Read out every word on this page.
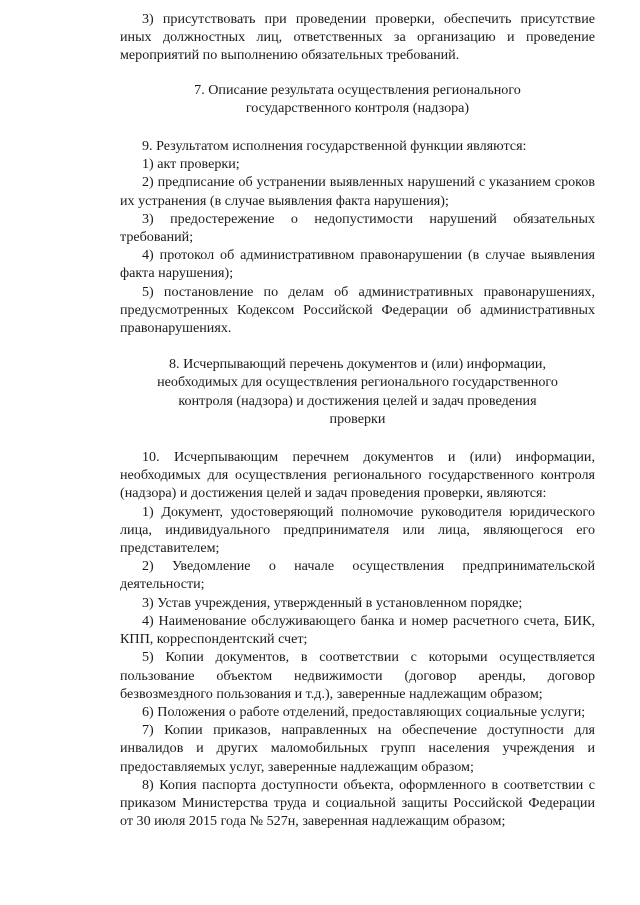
3) присутствовать при проведении проверки, обеспечить присутствие иных должностных лиц, ответственных за организацию и проведение мероприятий по выполнению обязательных требований.

7. Описание результата осуществления регионального государственного контроля (надзора)

9. Результатом исполнения государственной функции являются:

1) акт проверки;

2) предписание об устранении выявленных нарушений с указанием сроков их устранения (в случае выявления факта нарушения);

3) предостережение о недопустимости нарушений обязательных требований;

4) протокол об административном правонарушении (в случае выявления факта нарушения);

5) постановление по делам об административных правонарушениях, предусмотренных Кодексом Российской Федерации об административных правонарушениях.

8. Исчерпывающий перечень документов и (или) информации, необходимых для осуществления регионального государственного контроля (надзора) и достижения целей и задач проведения проверки

10. Исчерпывающим перечнем документов и (или) информации, необходимых для осуществления регионального государственного контроля (надзора) и достижения целей и задач проведения проверки, являются:

1) Документ, удостоверяющий полномочие руководителя юридического лица, индивидуального предпринимателя или лица, являющегося его представителем;

2) Уведомление о начале осуществления предпринимательской деятельности;

3) Устав учреждения, утвержденный в установленном порядке;

4) Наименование обслуживающего банка и номер расчетного счета, БИК, КПП, корреспондентский счет;

5) Копии документов, в соответствии с которыми осуществляется пользование объектом недвижимости (договор аренды, договор безвозмездного пользования и т.д.), заверенные надлежащим образом;

6) Положения о работе отделений, предоставляющих социальные услуги;

7) Копии приказов, направленных на обеспечение доступности для инвалидов и других маломобильных групп населения учреждения и предоставляемых услуг, заверенные надлежащим образом;

8) Копия паспорта доступности объекта, оформленного в соответствии с приказом Министерства труда и социальной защиты Российской Федерации от 30 июля 2015 года № 527н, заверенная надлежащим образом;
